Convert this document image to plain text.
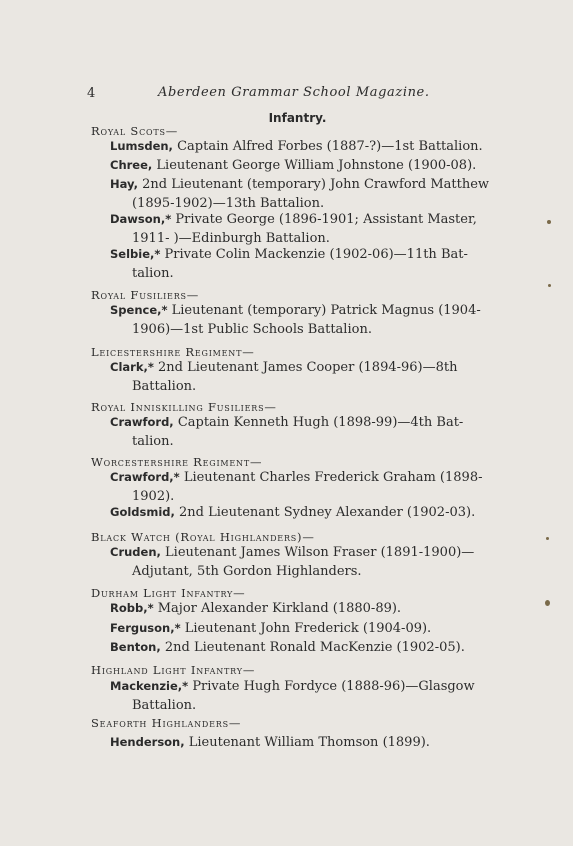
4	Aberdeen Grammar School Magazine.
Infantry.
Royal Scots—
Lumsden, Captain Alfred Forbes (1887-?)—1st Battalion.
Chree, Lieutenant George William Johnstone (1900-08).
Hay, 2nd Lieutenant (temporary) John Crawford Matthew
(1895-1902)—13th Battalion.
Dawson,* Private George (1896-1901; Assistant Master,
1911- )—Edinburgh Battalion.
Selbie,* Private Colin Mackenzie (1902-06)—11th Bat-
talion.
Royal Fusiliers—
Spence,* Lieutenant (temporary) Patrick Magnus (1904-
1906)—1st Public Schools Battalion.
Leicestershire Regiment—
Clark,* 2nd Lieutenant James Cooper (1894-96)—8th
Battalion.
Royal Inniskilling Fusiliers—
Crawford, Captain Kenneth Hugh (1898-99)—4th Bat-
talion.
Worcestershire Regiment—
Crawford,* Lieutenant Charles Frederick Graham (1898-
1902).
Goldsmid, 2nd Lieutenant Sydney Alexander (1902-03).
Black Watch (Royal Highlanders)—
Cruden, Lieutenant James Wilson Fraser (1891-1900)—
Adjutant, 5th Gordon Highlanders.
Durham Light Infantry—
Robb,* Major Alexander Kirkland (1880-89).
Ferguson,* Lieutenant John Frederick (1904-09).
Benton, 2nd Lieutenant Ronald MacKenzie (1902-05).
Highland Light Infantry—
Mackenzie,* Private Hugh Fordyce (1888-96)—Glasgow
Battalion.
Seaforth Highlanders—
Henderson, Lieutenant William Thomson (1899).
